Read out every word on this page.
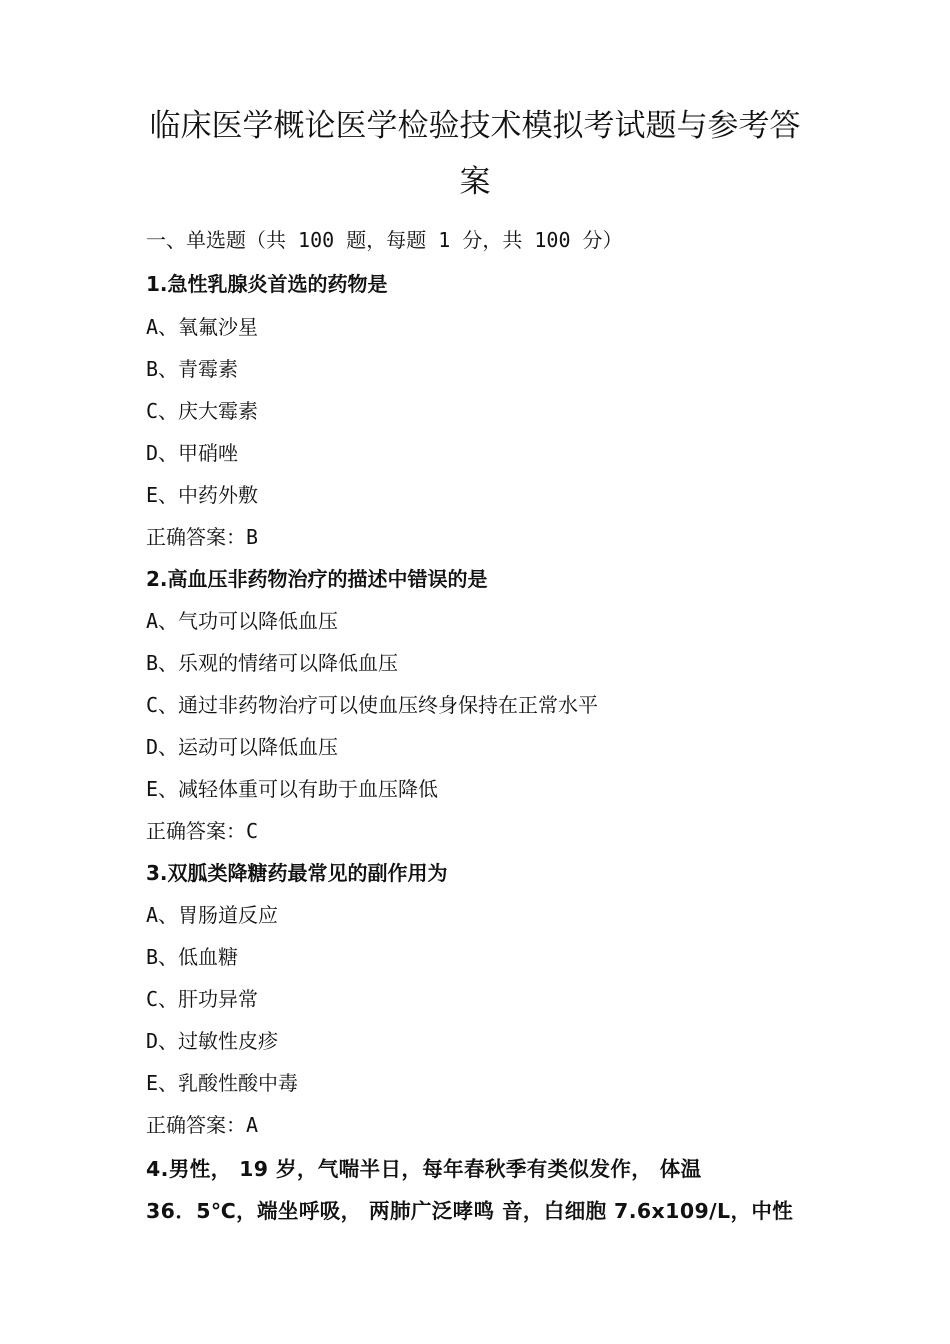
临床医学概论医学检验技术模拟考试题与参考答
案
一、单选题（共 100 题，每题 1 分，共 100 分）
1.急性乳腺炎首选的药物是
A、氧氟沙星
B、青霉素
C、庆大霉素
D、甲硝唑
E、中药外敷
正确答案：B
2.高血压非药物治疗的描述中错误的是
A、气功可以降低血压
B、乐观的情绪可以降低血压
C、通过非药物治疗可以使血压终身保持在正常水平
D、运动可以降低血压
E、减轻体重可以有助于血压降低
正确答案：C
3.双胍类降糖药最常见的副作用为
A、胃肠道反应
B、低血糖
C、肝功异常
D、过敏性皮疹
E、乳酸性酸中毒
正确答案：A
4.男性， 19 岁，气喘半日，每年春秋季有类似发作， 体温
36．5℃，端坐呼吸， 两肺广泛哮鸣 音，白细胞 7.6x109/L，中性
